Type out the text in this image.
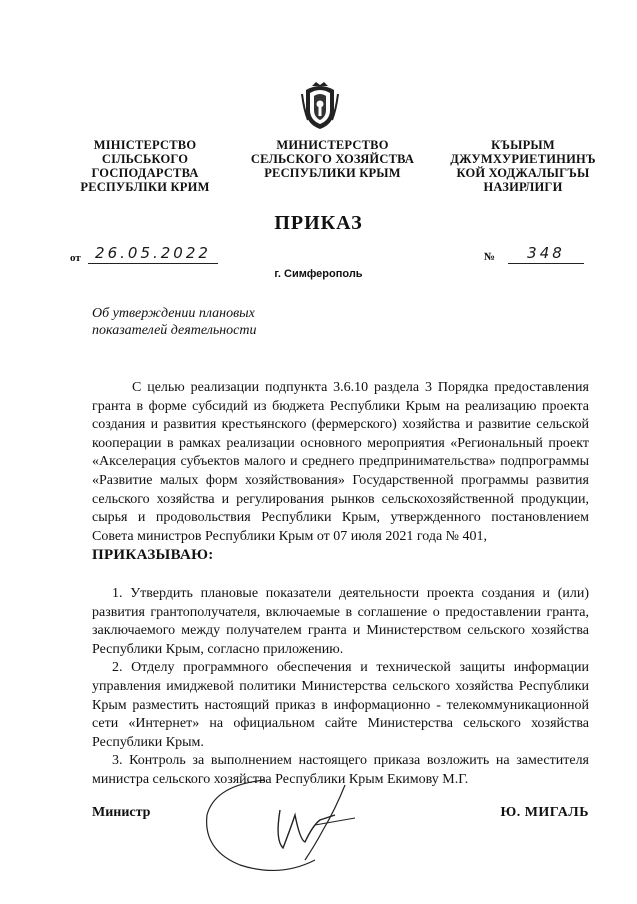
МІНІСТЕРСТВО
СІЛЬСЬКОГО
ГОСПОДАРСТВА
РЕСПУБЛІКИ КРИМ
МИНИСТЕРСТВО
СЕЛЬСКОГО ХОЗЯЙСТВА
РЕСПУБЛИКИ КРЫМ
КЪЫРЫМ
ДЖУМХУРИЕТИНИНЪ
КОЙ ХОДЖАЛЫГЪЫ
НАЗИРЛИГИ
ПРИКАЗ
от 26.05.2022	№	348
г. Симферополь
Об утверждении плановых
показателей деятельности

С целью реализации подпункта 3.6.10 раздела 3 Порядка предоставления гранта в форме субсидий из бюджета Республики Крым на реализацию проекта создания и развития крестьянского (фермерского) хозяйства и развитие сельской кооперации в рамках реализации основного мероприятия «Региональный проект «Акселерация субъектов малого и среднего предпринимательства» подпрограммы «Развитие малых форм хозяйствования» Государственной программы развития сельского хозяйства и регулирования рынков сельскохозяйственной продукции, сырья и продовольствия Республики Крым, утвержденного постановлением Совета министров Республики Крым от 07 июля 2021 года № 401,

ПРИКАЗЫВАЮ:

1. Утвердить плановые показатели деятельности проекта создания и (или) развития грантополучателя, включаемые в соглашение о предоставлении гранта, заключаемого между получателем гранта и Министерством сельского хозяйства Республики Крым, согласно приложению.

2. Отделу программного обеспечения и технической защиты информации управления имиджевой политики Министерства сельского хозяйства Республики Крым разместить настоящий приказ в информационно - телекоммуникационной сети «Интернет» на официальном сайте Министерства сельского хозяйства Республики Крым.

3. Контроль за выполнением настоящего приказа возложить на заместителя министра сельского хозяйства Республики Крым Екимову М.Г.

Министр	Ю. МИГАЛЬ
